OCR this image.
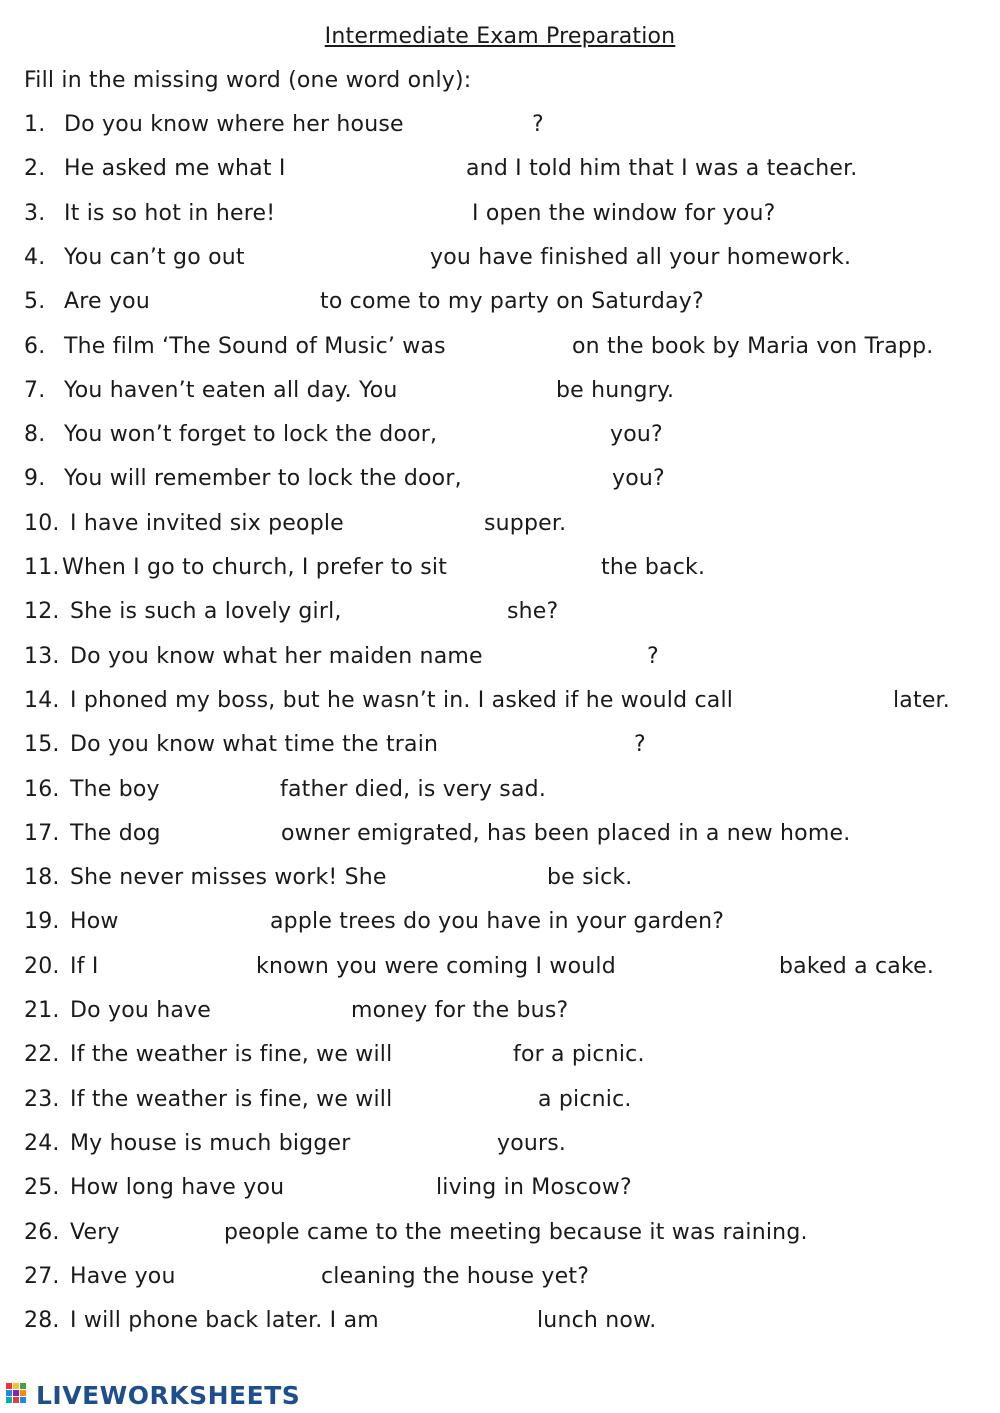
Intermediate Exam Preparation
Fill in the missing word (one word only):
1. Do you know where her house	?
2. He asked me what I	and I told him that I was a teacher.
3. It is so hot in here!	I open the window for you?
4. You can’t go out	you have finished all your homework.
5. Are you	to come to my party on Saturday?
6. The film ‘The Sound of Music’ was	on the book by Maria von Trapp.
7. You haven’t eaten all day. You	be hungry.
8. You won’t forget to lock the door,	you?
9. You will remember to lock the door,	you?
10. I have invited six people	supper.
11. When I go to church, I prefer to sit	the back.
12. She is such a lovely girl,	she?
13. Do you know what her maiden name	?
14. I phoned my boss, but he wasn’t in. I asked if he would call	later.
15. Do you know what time the train	?
16. The boy	father died, is very sad.
17. The dog	owner emigrated, has been placed in a new home.
18. She never misses work! She	be sick.
19. How	apple trees do you have in your garden?
20. If I	known you were coming I would	baked a cake.
21. Do you have	money for the bus?
22. If the weather is fine, we will	for a picnic.
23. If the weather is fine, we will	a picnic.
24. My house is much bigger	yours.
25. How long have you	living in Moscow?
26. Very	people came to the meeting because it was raining.
27. Have you	cleaning the house yet?
28. I will phone back later. I am	lunch now.
LIVEWORKSHEETS
